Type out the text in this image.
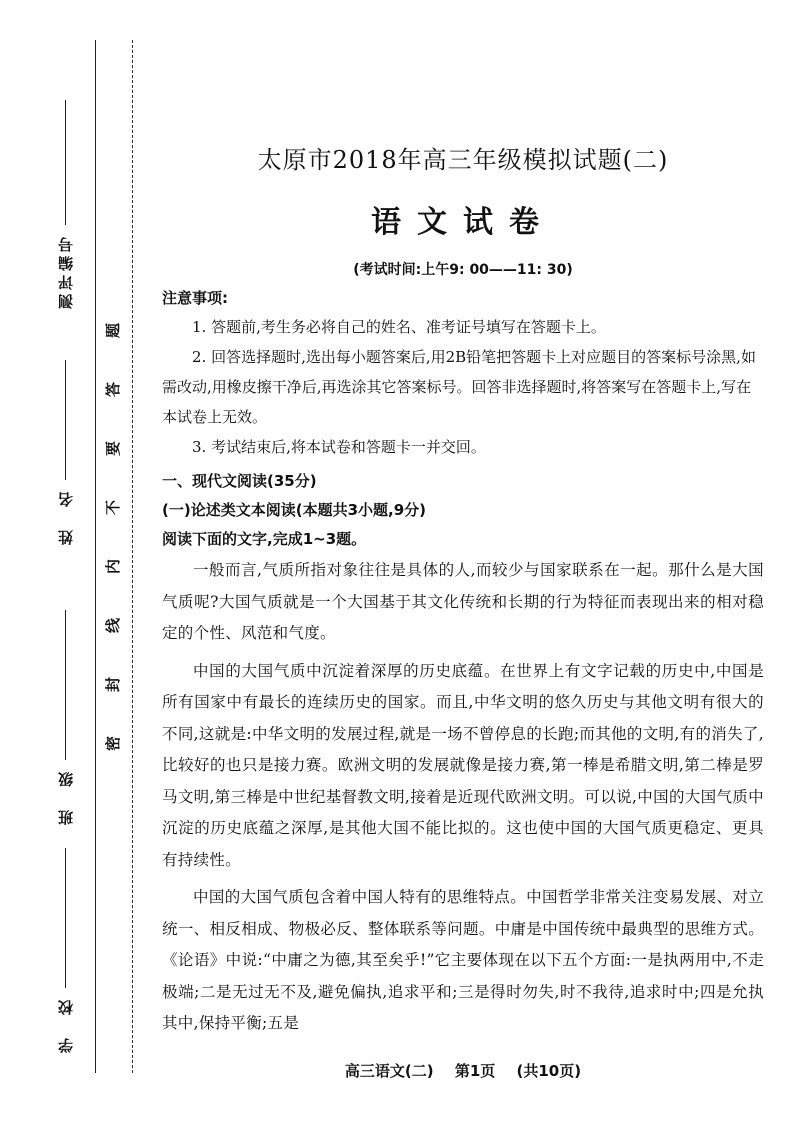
测评编号
姓　名
班　级
学　校
题
答
要
不
内
线
封
密
太原市2018年高三年级模拟试题(二)
语文试卷
(考试时间:上午9: 00——11: 30)
注意事项:

1. 答题前,考生务必将自己的姓名、准考证号填写在答题卡上。

2. 回答选择题时,选出每小题答案后,用2B铅笔把答题卡上对应题目的答案标号涂黑,如需改动,用橡皮擦干净后,再选涂其它答案标号。回答非选择题时,将答案写在答题卡上,写在本试卷上无效。

3. 考试结束后,将本试卷和答题卡一并交回。

一、现代文阅读(35分)
(一)论述类文本阅读(本题共3小题,9分)
阅读下面的文字,完成1~3题。

一般而言,气质所指对象往往是具体的人,而较少与国家联系在一起。那什么是大国气质呢?大国气质就是一个大国基于其文化传统和长期的行为特征而表现出来的相对稳定的个性、风范和气度。

中国的大国气质中沉淀着深厚的历史底蕴。在世界上有文字记载的历史中,中国是所有国家中有最长的连续历史的国家。而且,中华文明的悠久历史与其他文明有很大的不同,这就是:中华文明的发展过程,就是一场不曾停息的长跑;而其他的文明,有的消失了,比较好的也只是接力赛。欧洲文明的发展就像是接力赛,第一棒是希腊文明,第二棒是罗马文明,第三棒是中世纪基督教文明,接着是近现代欧洲文明。可以说,中国的大国气质中沉淀的历史底蕴之深厚,是其他大国不能比拟的。这也使中国的大国气质更稳定、更具有持续性。

中国的大国气质包含着中国人特有的思维特点。中国哲学非常关注变易发展、对立统一、相反相成、物极必反、整体联系等问题。中庸是中国传统中最典型的思维方式。《论语》中说:“中庸之为德,其至矣乎!”它主要体现在以下五个方面:一是执两用中,不走极端;二是无过无不及,避免偏执,追求平和;三是得时勿失,时不我待,追求时中;四是允执其中,保持平衡;五是

高三语文(二) 第1页 (共10页)
